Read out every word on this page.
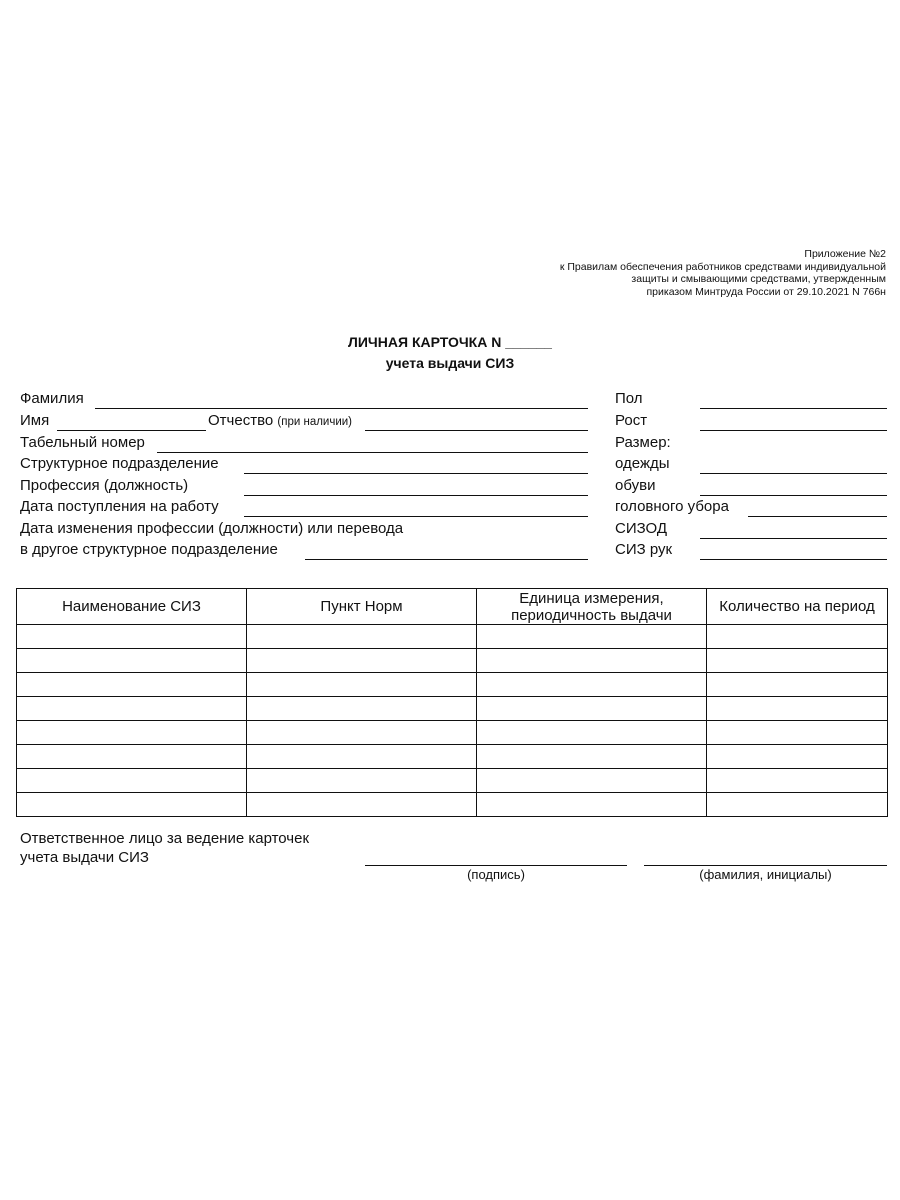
Приложение №2
к Правилам обеспечения работников средствами индивидуальной
защиты и смывающими средствами, утвержденным
приказом Минтруда России от 29.10.2021 N 766н
ЛИЧНАЯ КАРТОЧКА N ______
учета выдачи СИЗ
Фамилия
Имя	Отчество (при наличии)
Табельный номер
Структурное подразделение
Профессия (должность)
Дата поступления на работу
Дата изменения профессии (должности) или перевода
в другое структурное подразделение
Пол
Рост
Размер:
одежды
обуви
головного убора
СИЗОД
СИЗ рук
Наименование СИЗ	Пункт Норм	Единица измерения, периодичность выдачи	Количество на период

Ответственное лицо за ведение карточек
учета выдачи СИЗ
(подпись)	(фамилия, инициалы)
